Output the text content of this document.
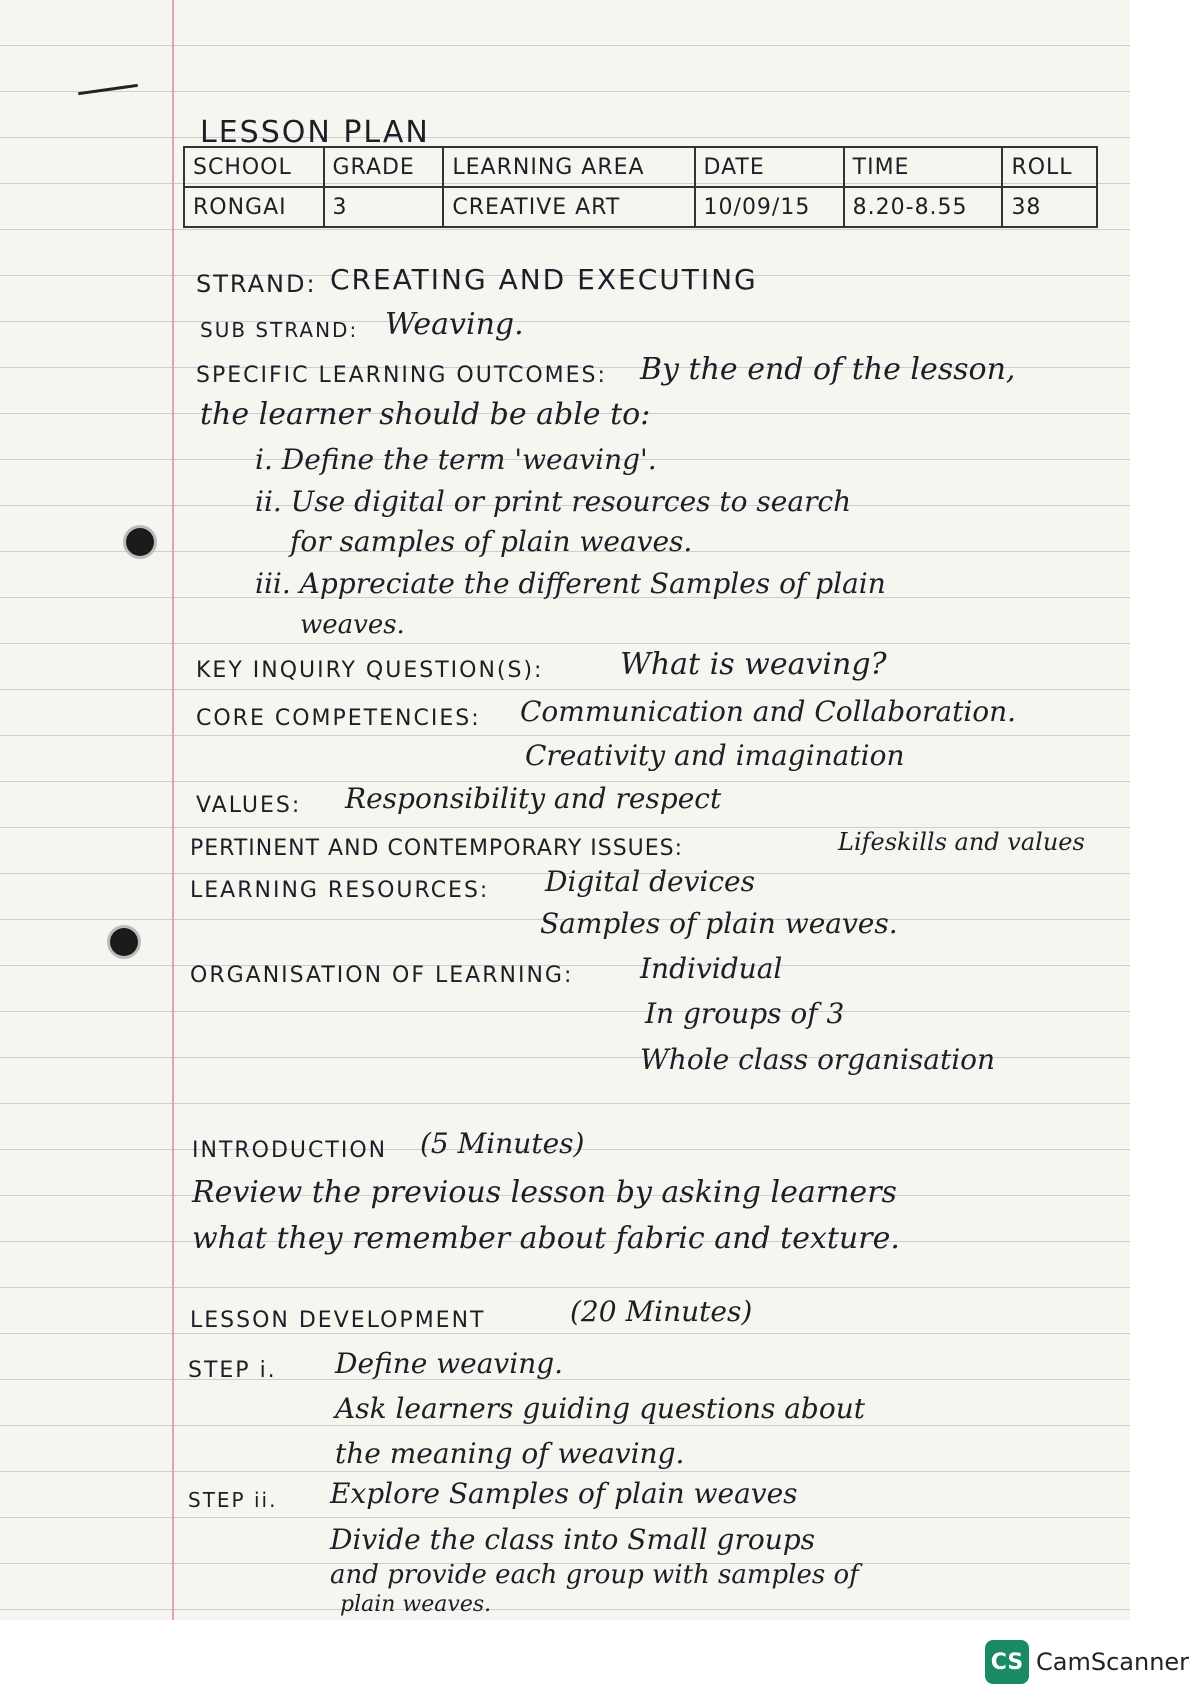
LESSON PLAN
SCHOOL	GRADE	LEARNING AREA	DATE	TIME	ROLL
RONGAI	3	CREATIVE ART	10/09/15	8.20-8.55	38
STRAND: CREATING AND EXECUTING
SUB STRAND: Weaving.
SPECIFIC LEARNING OUTCOMES: By the end of the lesson,
the learner should be able to:
i. Define the term 'weaving'.
ii. Use digital or print resources to search
for samples of plain weaves.
iii. Appreciate the different Samples of plain
weaves.
KEY INQUIRY QUESTION(S):	What is weaving?
CORE COMPETENCIES: Communication and Collaboration.
Creativity and imagination
VALUES: Responsibility and respect
PERTINENT AND CONTEMPORARY ISSUES:	Lifeskills and values
LEARNING RESOURCES: Digital devices
Samples of plain weaves.
ORGANISATION OF LEARNING: Individual
In groups of 3
Whole class organisation
INTRODUCTION (5 Minutes)
Review the previous lesson by asking learners
what they remember about fabric and texture.
LESSON DEVELOPMENT	(20 Minutes)
STEP i. Define weaving.
Ask learners guiding questions about
the meaning of weaving.
STEP ii. Explore Samples of plain weaves
Divide the class into Small groups
and provide each group with samples of
plain weaves.
CS CamScanner
